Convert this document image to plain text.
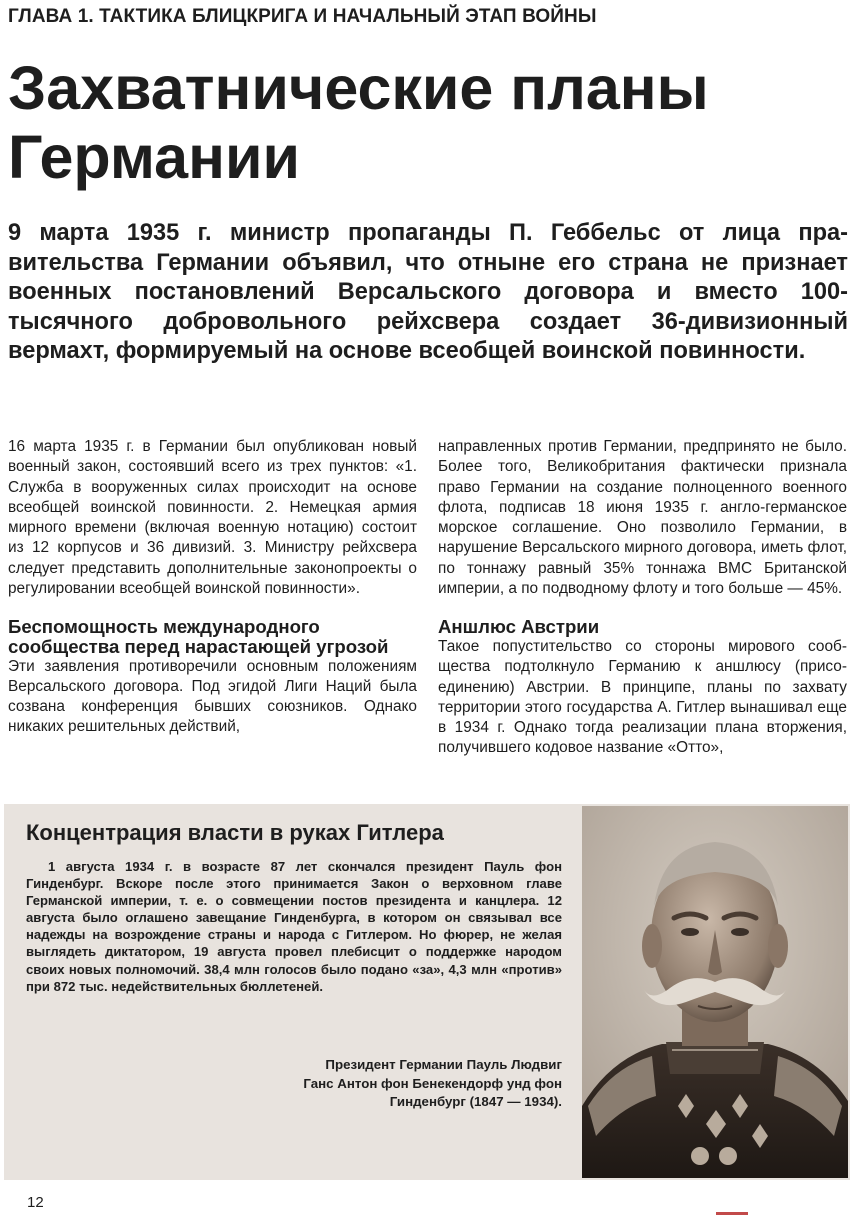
ГЛАВА 1. ТАКТИКА БЛИЦКРИГА И НАЧАЛЬНЫЙ ЭТАП ВОЙНЫ
Захватнические планы
Германии

9 марта 1935 г. министр пропаганды П. Геббельс от лица правительства Германии объявил, что отныне его страна не признает военных постановлений Версальского договора и вместо 100-тысячного добровольного рейхсвера создает 36-дивизионный вермахт, формируемый на основе всеобщей воинской повинности.

16 марта 1935 г. в Германии был опубликован новый военный закон, состоявший всего из трех пунктов: «1. Служба в вооруженных силах происходит на основе всеобщей воинской повинности. 2. Немецкая армия мирного времени (включая военную нотацию) состоит из 12 корпусов и 36 дивизий. 3. Министру рейхсвера следует представить дополнительные законопроекты о регулировании всеобщей воинской повинности».

Беспомощность международного сообщества перед нарастающей угрозой

Эти заявления противоречили основным положениям Версальского договора. Под эгидой Лиги Наций была созвана конференция бывших союзников. Однако никаких решительных действий,

направленных против Германии, предпринято не было. Более того, Великобритания фактически признала право Германии на создание полноценного военного флота, подписав 18 июня 1935 г. англо-германское морское соглашение. Оно позволило Германии, в нарушение Версальского мирного договора, иметь флот, по тоннажу равный 35% тоннажа ВМС Британской империи, а по подводному флоту и того больше — 45%.

Аншлюс Австрии

Такое попустительство со стороны мирового сообщества подтолкнуло Германию к аншлюсу (присоединению) Австрии. В принципе, планы по захвату территории этого государства А. Гитлер вынашивал еще в 1934 г. Однако тогда реализации плана вторжения, получившего кодовое название «Отто»,

Концентрация власти в руках Гитлера

1 августа 1934 г. в возрасте 87 лет скончался президент Пауль фон Гинденбург. Вскоре после этого принимается Закон о верховном главе Германской империи, т. е. о совмещении постов президента и канцлера. 12 августа было оглашено завещание Гинденбурга, в котором он связывал все надежды на возрождение страны и народа с Гитлером. Но фюрер, не желая выглядеть диктатором, 19 августа провел плебисцит о поддержке народом своих новых полномочий. 38,4 млн голосов было подано «за», 4,3 млн «против» при 872 тыс. недействительных бюллетеней.

Президент Германии Пауль Людвиг
Ганс Антон фон Бенекендорф унд фон
Гинденбург (1847 — 1934).
12
